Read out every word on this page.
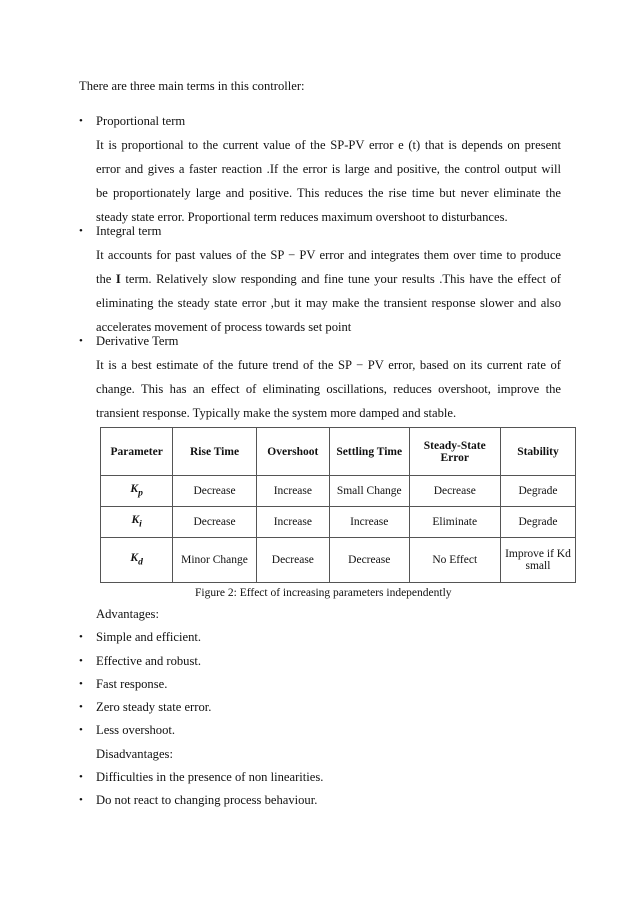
There are three main terms in this controller:
• Proportional term
It is proportional to the current value of the SP-PV error e (t) that is depends on present
error and gives a faster reaction .If the error is large and positive, the control output will
be proportionately large and positive. This reduces the rise time but never eliminate the
steady state error. Proportional term reduces maximum overshoot to disturbances.
• Integral term
It accounts for past values of the SP − PV error and integrates them over time to produce
the I term. Relatively slow responding and fine tune your results .This have the effect of
eliminating the steady state error ,but it may make the transient response slower and also
accelerates movement of process towards set point
• Derivative Term
It is a best estimate of the future trend of the SP − PV error, based on its current rate of
change. This has an effect of eliminating oscillations, reduces overshoot, improve the
transient response. Typically make the system more damped and stable.
Parameter	Rise Time	Overshoot	Settling Time	Steady-State Error	Stability
$K_p$	Decrease	Increase	Small Change	Decrease	Degrade
$K_i$	Decrease	Increase	Increase	Eliminate	Degrade
$K_d$	Minor Change	Decrease	Decrease	No Effect	Improve if Kd small
Figure 2: Effect of increasing parameters independently
Advantages:
• Simple and efficient.
• Effective and robust.
• Fast response.
• Zero steady state error.
• Less overshoot.
Disadvantages:
• Difficulties in the presence of non linearities.
• Do not react to changing process behaviour.
